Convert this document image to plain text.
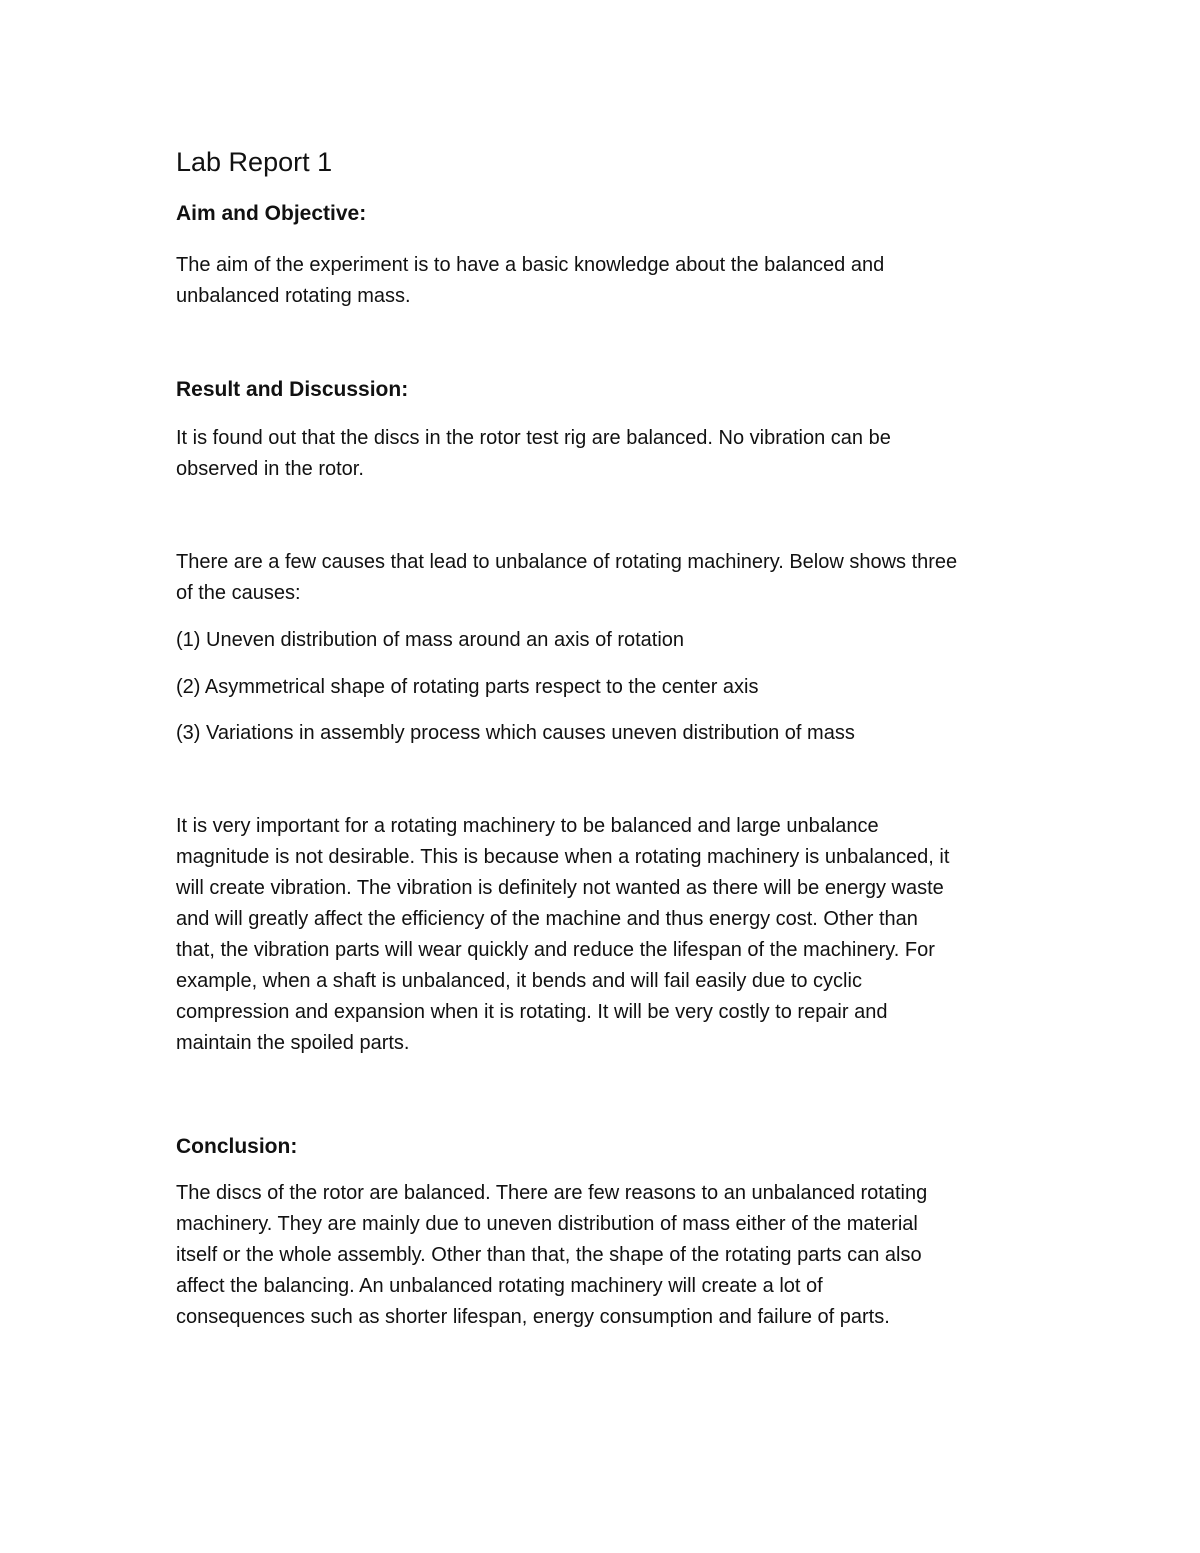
Lab Report 1
Aim and Objective:
The aim of the experiment is to have a basic knowledge about the balanced and
unbalanced rotating mass.
Result and Discussion:
It is found out that the discs in the rotor test rig are balanced. No vibration can be
observed in the rotor.
There are a few causes that lead to unbalance of rotating machinery. Below shows three
of the causes:
(1) Uneven distribution of mass around an axis of rotation
(2) Asymmetrical shape of rotating parts respect to the center axis
(3) Variations in assembly process which causes uneven distribution of mass
It is very important for a rotating machinery to be balanced and large unbalance
magnitude is not desirable. This is because when a rotating machinery is unbalanced, it
will create vibration. The vibration is definitely not wanted as there will be energy waste
and will greatly affect the efficiency of the machine and thus energy cost. Other than
that, the vibration parts will wear quickly and reduce the lifespan of the machinery. For
example, when a shaft is unbalanced, it bends and will fail easily due to cyclic
compression and expansion when it is rotating. It will be very costly to repair and
maintain the spoiled parts.
Conclusion:
The discs of the rotor are balanced. There are few reasons to an unbalanced rotating
machinery. They are mainly due to uneven distribution of mass either of the material
itself or the whole assembly. Other than that, the shape of the rotating parts can also
affect the balancing. An unbalanced rotating machinery will create a lot of
consequences such as shorter lifespan, energy consumption and failure of parts.
